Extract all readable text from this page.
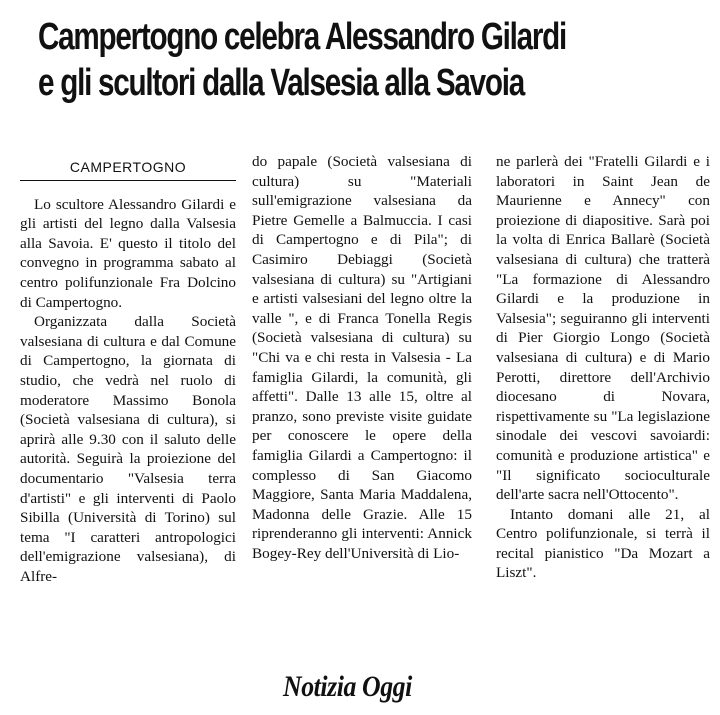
Campertogno celebra Alessandro Gilardi
e gli scultori dalla Valsesia alla Savoia
CAMPERTOGNO

Lo scultore Alessandro Gilardi e gli artisti del legno dalla Valsesia alla Savoia. E' questo il titolo del convegno in programma sabato al centro polifunzionale Fra Dolcino di Campertogno.

Organizzata dalla Società valsesiana di cultura e dal Comune di Campertogno, la giornata di studio, che vedrà nel ruolo di moderatore Massimo Bonola (Società valsesiana di cultura), si aprirà alle 9.30 con il saluto delle autorità. Seguirà la proiezione del documentario "Valsesia terra d'artisti" e gli interventi di Paolo Sibilla (Università di Torino) sul tema "I caratteri antropologici dell'emigrazione valsesiana), di Alfre-

do papale (Società valsesiana di cultura) su "Materiali sull'emigrazione valsesiana da Pietre Gemelle a Balmuccia. I casi di Campertogno e di Pila"; di Casimiro Debiaggi (Società valsesiana di cultura) su "Artigiani e artisti valsesiani del legno oltre la valle ", e di Franca Tonella Regis (Società valsesiana di cultura) su "Chi va e chi resta in Valsesia - La famiglia Gilardi, la comunità, gli affetti". Dalle 13 alle 15, oltre al pranzo, sono previste visite guidate per conoscere le opere della famiglia Gilardi a Campertogno: il complesso di San Giacomo Maggiore, Santa Maria Maddalena, Madonna delle Grazie. Alle 15 riprenderanno gli interventi: Annick Bogey-Rey dell'Università di Lio-

ne parlerà dei "Fratelli Gilardi e i laboratori in Saint Jean de Maurienne e Annecy" con proiezione di diapositive. Sarà poi la volta di Enrica Ballarè (Società valsesiana di cultura) che tratterà "La formazione di Alessandro Gilardi e la produzione in Valsesia"; seguiranno gli interventi di Pier Giorgio Longo (Società valsesiana di cultura) e di Mario Perotti, direttore dell'Archivio diocesano di Novara, rispettivamente su "La legislazione sinodale dei vescovi savoiardi: comunità e produzione artistica" e "Il significato socioculturale dell'arte sacra nell'Ottocento".

Intanto domani alle 21, al Centro polifunzionale, si terrà il recital pianistico "Da Mozart a Liszt".

Notizia Oggi
